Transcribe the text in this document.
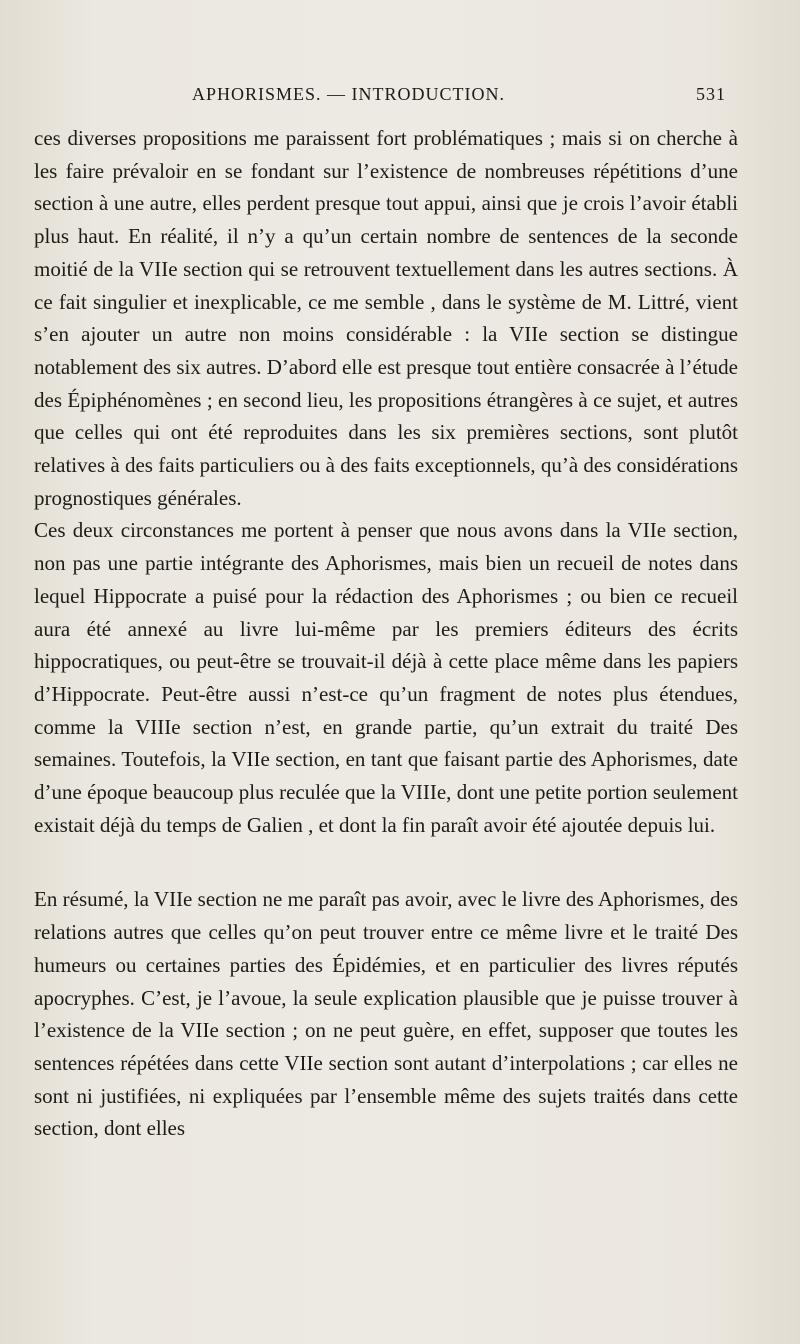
APHORISMES. — INTRODUCTION.	531

ces diverses propositions me paraissent fort problématiques ; mais si on cherche à les faire prévaloir en se fondant sur l’existence de nombreuses répétitions d’une section à une autre, elles perdent presque tout appui, ainsi que je crois l’avoir établi plus haut. En réalité, il n’y a qu’un certain nombre de sentences de la seconde moitié de la VIIe section qui se retrouvent textuellement dans les autres sections. À ce fait singulier et inexplicable, ce me semble , dans le système de M. Littré, vient s’en ajouter un autre non moins considérable : la VIIe section se distingue notablement des six autres. D’abord elle est presque tout entière consacrée à l’étude des Épiphénomènes ; en second lieu, les propositions étrangères à ce sujet, et autres que celles qui ont été reproduites dans les six premières sections, sont plutôt relatives à des faits particuliers ou à des faits exceptionnels, qu’à des considérations prognostiques générales.

Ces deux circonstances me portent à penser que nous avons dans la VIIe section, non pas une partie intégrante des Aphorismes, mais bien un recueil de notes dans lequel Hippocrate a puisé pour la rédaction des Aphorismes ; ou bien ce recueil aura été annexé au livre lui-même par les premiers éditeurs des écrits hippocratiques, ou peut-être se trouvait-il déjà à cette place même dans les papiers d’Hippocrate. Peut-être aussi n’est-ce qu’un fragment de notes plus étendues, comme la VIIIe section n’est, en grande partie, qu’un extrait du traité Des semaines. Toutefois, la VIIe section, en tant que faisant partie des Aphorismes, date d’une époque beaucoup plus reculée que la VIIIe, dont une petite portion seulement existait déjà du temps de Galien , et dont la fin paraît avoir été ajoutée depuis lui.

En résumé, la VIIe section ne me paraît pas avoir, avec le livre des Aphorismes, des relations autres que celles qu’on peut trouver entre ce même livre et le traité Des humeurs ou certaines parties des Épidémies, et en particulier des livres réputés apocryphes. C’est, je l’avoue, la seule explication plausible que je puisse trouver à l’existence de la VIIe section ; on ne peut guère, en effet, supposer que toutes les sentences répétées dans cette VIIe section sont autant d’interpolations ; car elles ne sont ni justifiées, ni expliquées par l’ensemble même des sujets traités dans cette section, dont elles
